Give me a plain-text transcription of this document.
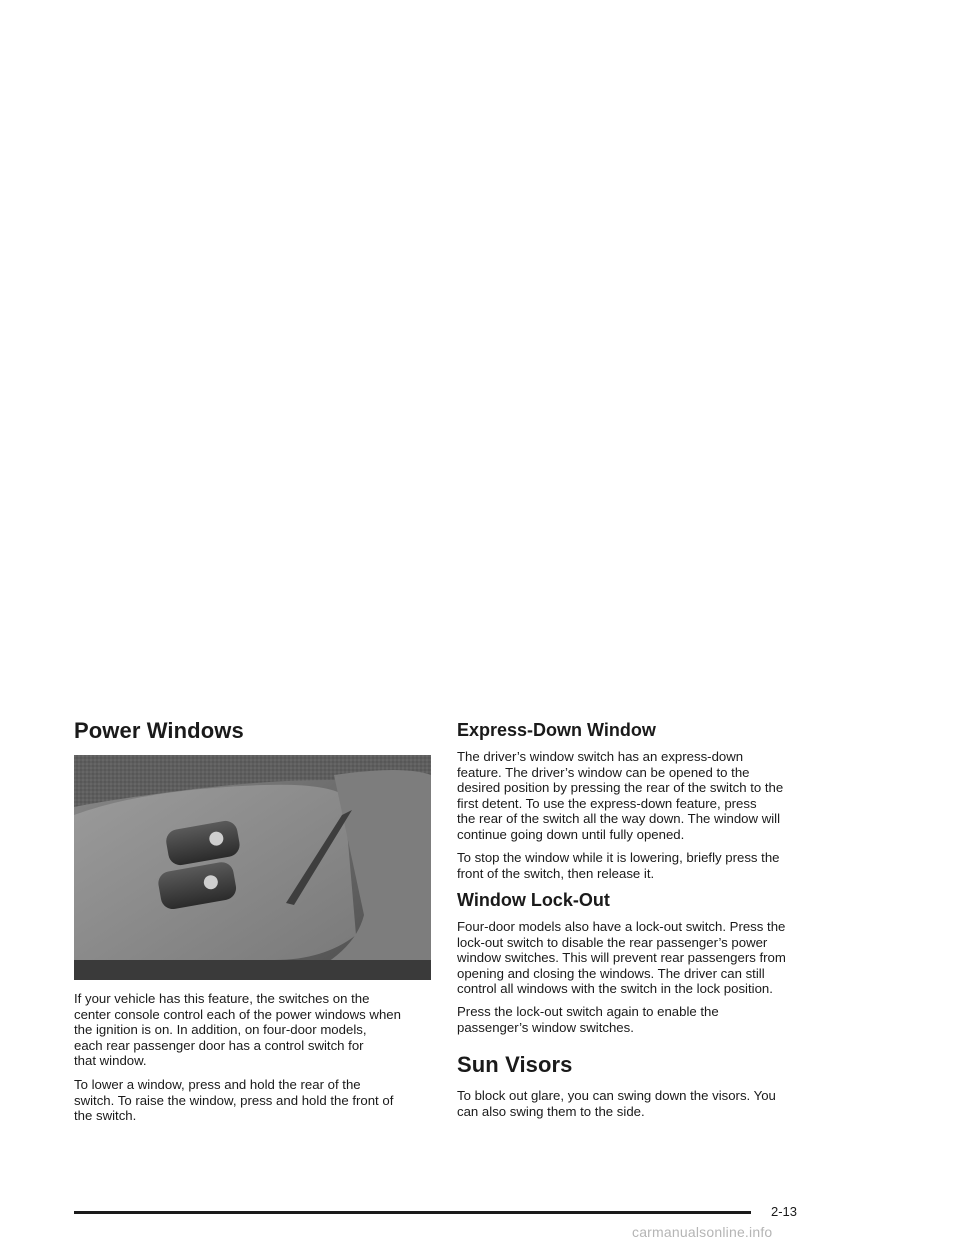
Power Windows

If your vehicle has this feature, the switches on the

center console control each of the power windows when

the ignition is on. In addition, on four-door models,

each rear passenger door has a control switch for

that window.

To lower a window, press and hold the rear of the

switch. To raise the window, press and hold the front of

the switch.

Express-Down Window

The driver’s window switch has an express-down

feature. The driver’s window can be opened to the

desired position by pressing the rear of the switch to the

first detent. To use the express-down feature, press

the rear of the switch all the way down. The window will

continue going down until fully opened.

To stop the window while it is lowering, briefly press the

front of the switch, then release it.

Window Lock-Out

Four-door models also have a lock-out switch. Press the

lock-out switch to disable the rear passenger’s power

window switches. This will prevent rear passengers from

opening and closing the windows. The driver can still

control all windows with the switch in the lock position.

Press the lock-out switch again to enable the

passenger’s window switches.

Sun Visors

To block out glare, you can swing down the visors. You

can also swing them to the side.

2-13
carmanualsonline.info
